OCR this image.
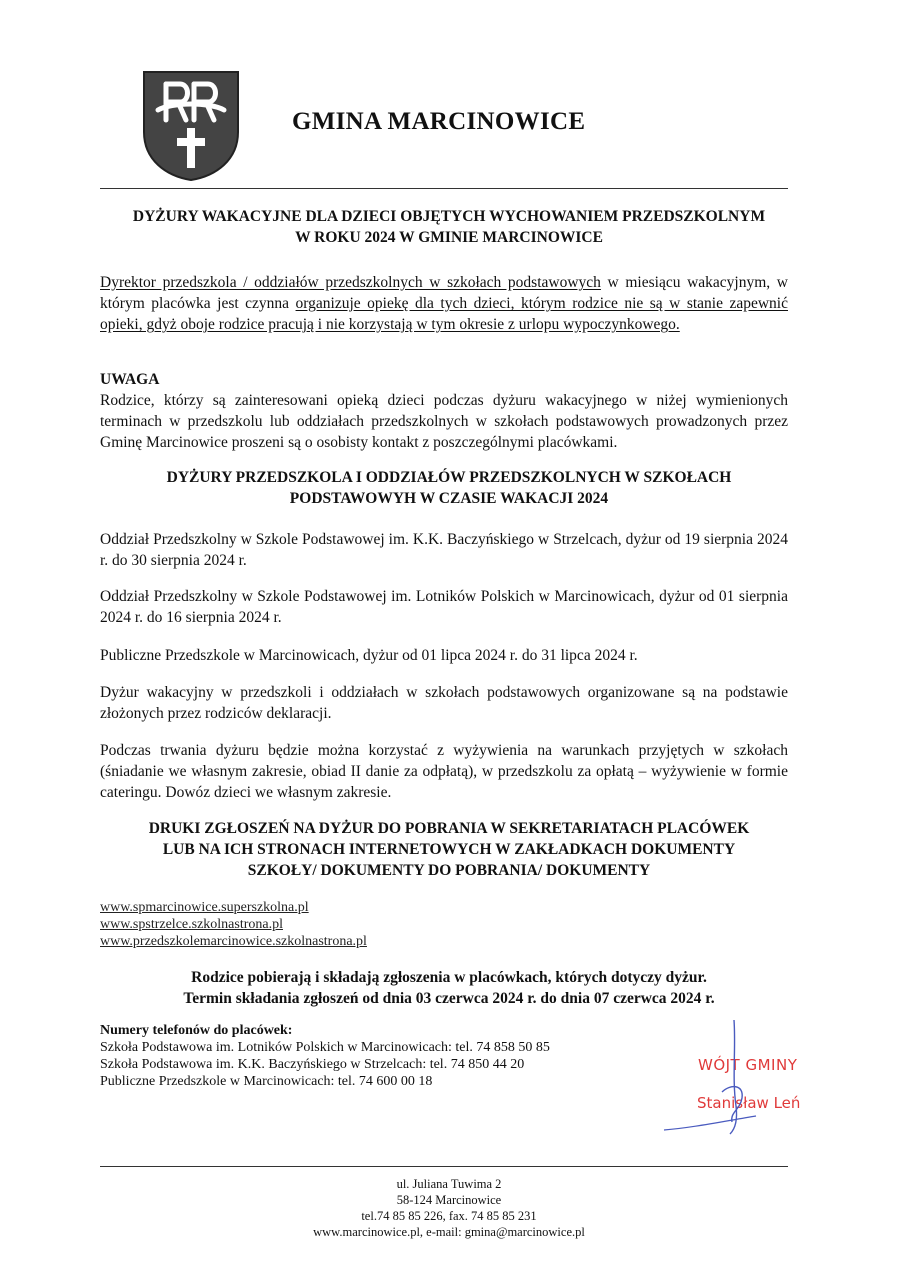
GMINA MARCINOWICE
DYŻURY WAKACYJNE DLA DZIECI OBJĘTYCH WYCHOWANIEM PRZEDSZKOLNYM
W ROKU 2024 W GMINIE MARCINOWICE
Dyrektor przedszkola / oddziałów przedszkolnych w szkołach podstawowych w miesiącu wakacyjnym, w którym placówka jest czynna organizuje opiekę dla tych dzieci, którym rodzice nie są w stanie zapewnić opieki, gdyż oboje rodzice pracują i nie korzystają w tym okresie z urlopu wypoczynkowego.
UWAGA
Rodzice, którzy są zainteresowani opieką dzieci podczas dyżuru wakacyjnego w niżej wymienionych terminach w przedszkolu lub oddziałach przedszkolnych w szkołach podstawowych prowadzonych przez Gminę Marcinowice proszeni są o osobisty kontakt z poszczególnymi placówkami.
DYŻURY PRZEDSZKOLA I ODDZIAŁÓW PRZEDSZKOLNYCH W SZKOŁACH
PODSTAWOWYH W CZASIE WAKACJI 2024
Oddział Przedszkolny w Szkole Podstawowej im. K.K. Baczyńskiego w Strzelcach, dyżur od 19 sierpnia 2024 r. do 30 sierpnia 2024 r.
Oddział Przedszkolny w Szkole Podstawowej im. Lotników Polskich w Marcinowicach, dyżur od 01 sierpnia 2024 r. do 16 sierpnia 2024 r.
Publiczne Przedszkole w Marcinowicach, dyżur od 01 lipca 2024 r. do 31 lipca 2024 r.
Dyżur wakacyjny w przedszkoli i oddziałach w szkołach podstawowych organizowane są na podstawie złożonych przez rodziców deklaracji.
Podczas trwania dyżuru będzie można korzystać z wyżywienia na warunkach przyjętych w szkołach (śniadanie we własnym zakresie, obiad II danie za odpłatą), w przedszkolu za opłatą – wyżywienie w formie cateringu. Dowóz dzieci we własnym zakresie.
DRUKI ZGŁOSZEŃ NA DYŻUR DO POBRANIA W SEKRETARIATACH PLACÓWEK
LUB NA ICH STRONACH INTERNETOWYCH W ZAKŁADKACH DOKUMENTY
SZKOŁY/ DOKUMENTY DO POBRANIA/ DOKUMENTY
www.spmarcinowice.superszkolna.pl
www.spstrzelce.szkolnastrona.pl
www.przedszkolemarcinowice.szkolnastrona.pl
Rodzice pobierają i składają zgłoszenia w placówkach, których dotyczy dyżur.
Termin składania zgłoszeń od dnia 03 czerwca 2024 r. do dnia 07 czerwca 2024 r.
Numery telefonów do placówek:
Szkoła Podstawowa im. Lotników Polskich w Marcinowicach: tel. 74 858 50 85
Szkoła Podstawowa im. K.K. Baczyńskiego w Strzelcach: tel. 74 850 44 20
Publiczne Przedszkole w Marcinowicach: tel. 74 600 00 18
WÓJT GMINY
Stanisław Leń
ul. Juliana Tuwima 2
58-124 Marcinowice
tel.74 85 85 226, fax. 74 85 85 231
www.marcinowice.pl, e-mail: gmina@marcinowice.pl
